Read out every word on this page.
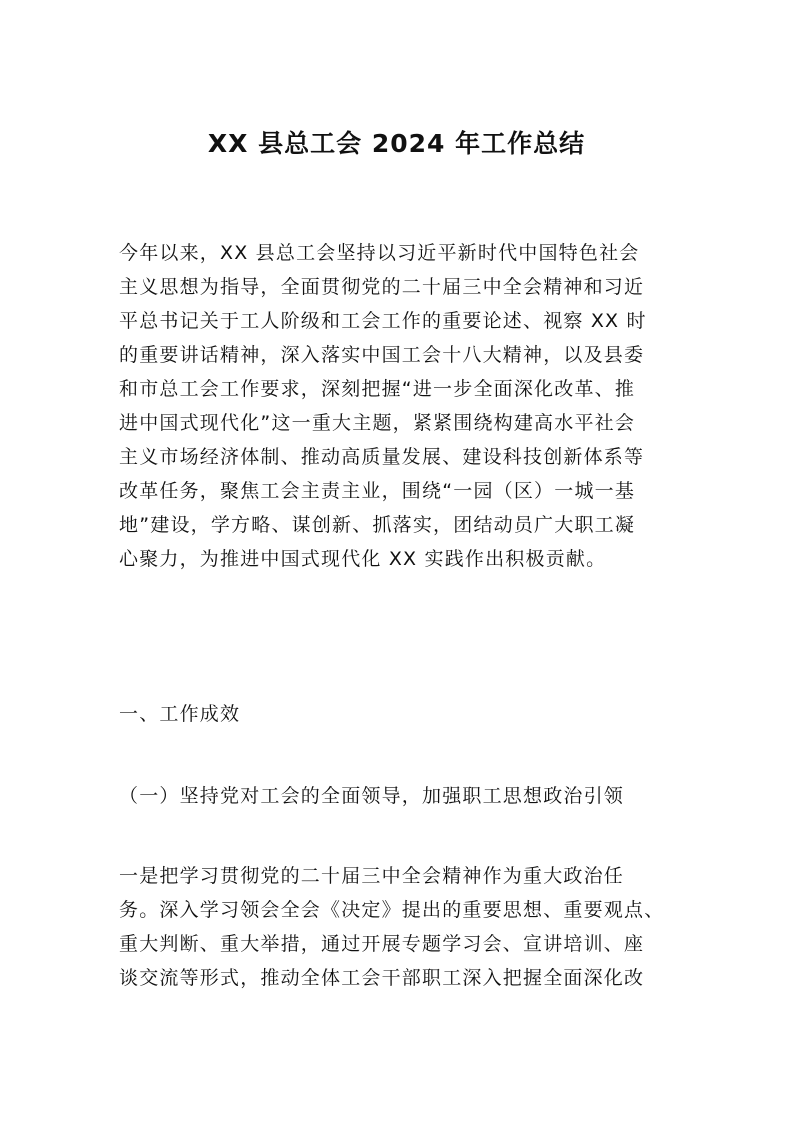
XX 县总工会 2024 年工作总结
今年以来，XX 县总工会坚持以习近平新时代中国特色社会
主义思想为指导，全面贯彻党的二十届三中全会精神和习近
平总书记关于工人阶级和工会工作的重要论述、视察 XX 时
的重要讲话精神，深入落实中国工会十八大精神，以及县委
和市总工会工作要求，深刻把握“进一步全面深化改革、推
进中国式现代化”这一重大主题，紧紧围绕构建高水平社会
主义市场经济体制、推动高质量发展、建设科技创新体系等
改革任务，聚焦工会主责主业，围绕“一园（区）一城一基
地”建设，学方略、谋创新、抓落实，团结动员广大职工凝
心聚力，为推进中国式现代化 XX 实践作出积极贡献。
一、工作成效
（一）坚持党对工会的全面领导，加强职工思想政治引领
一是把学习贯彻党的二十届三中全会精神作为重大政治任
务。深入学习领会全会《决定》提出的重要思想、重要观点、
重大判断、重大举措，通过开展专题学习会、宣讲培训、座
谈交流等形式，推动全体工会干部职工深入把握全面深化改
